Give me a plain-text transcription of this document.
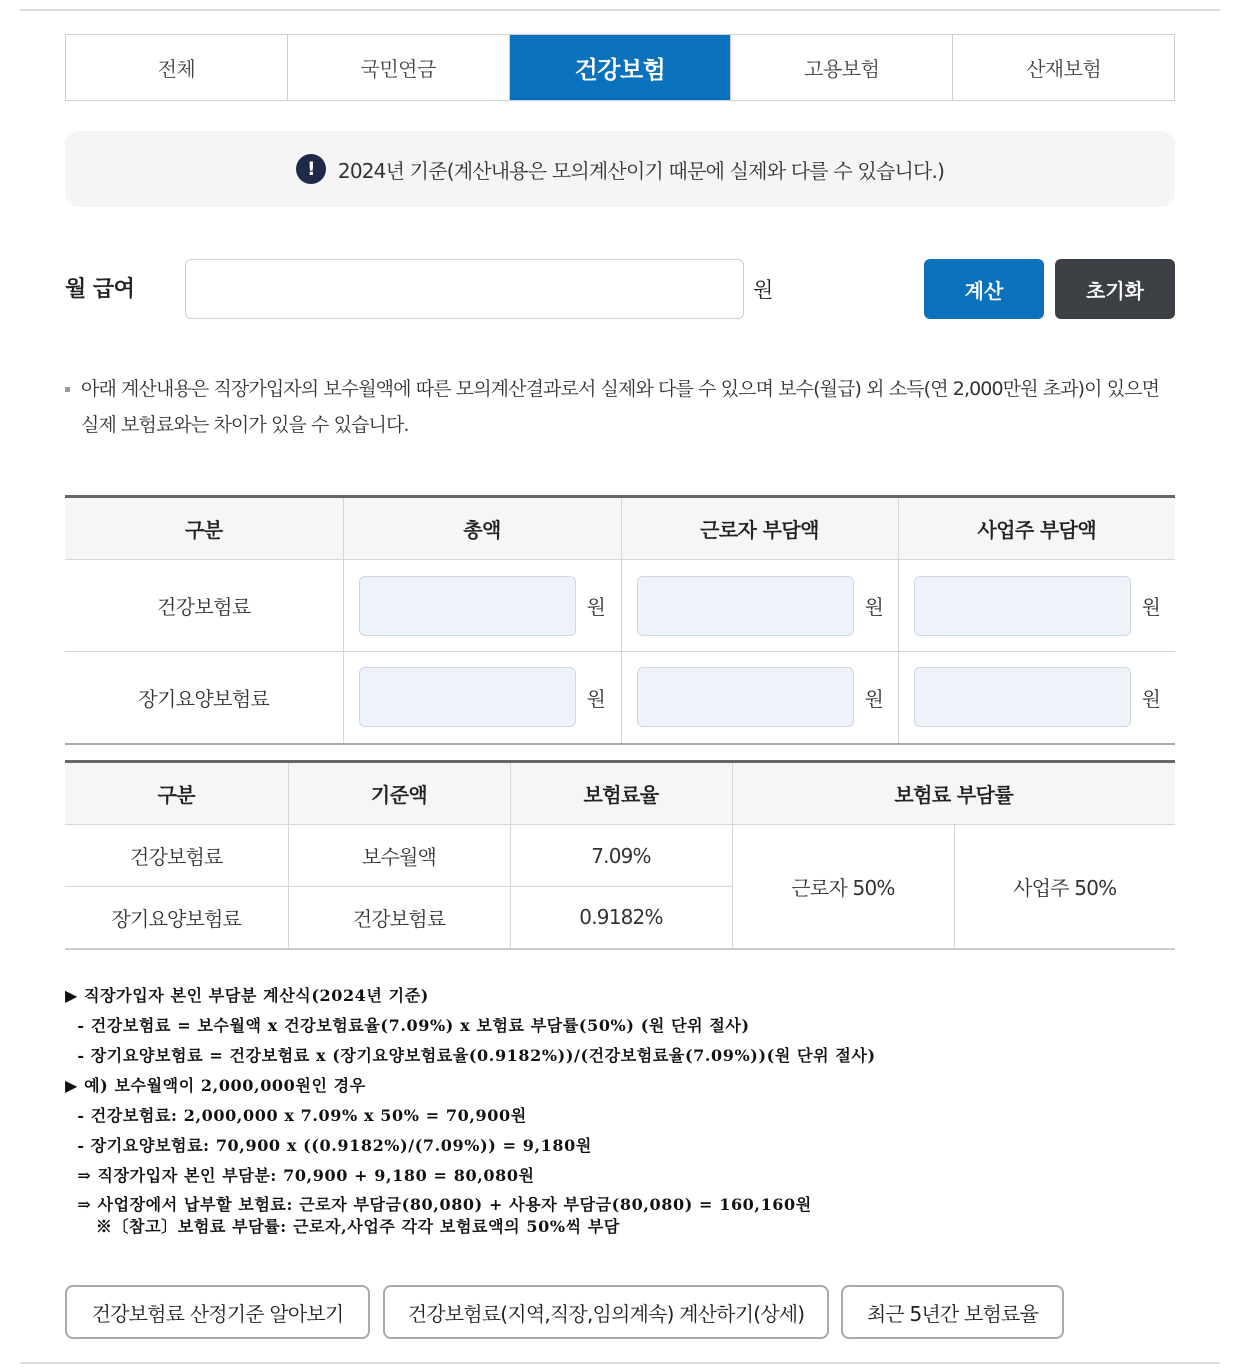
전체	국민연금	건강보험	고용보험	산재보험
!	2024년 기준(계산내용은 모의계산이기 때문에 실제와 다를 수 있습니다.)
월 급여	원	계산	초기화
아래 계산내용은 직장가입자의 보수월액에 따른 모의계산결과로서 실제와 다를 수 있으며 보수(월급) 외 소득(연 2,000만원 초과)이 있으면 실제 보험료와는 차이가 있을 수 있습니다.
구분	총액	근로자 부담액	사업주 부담액
건강보험료	원	원	원

장기요양보험료	원	원	원
구분	기준액	보험료율	보험료 부담률	
건강보험료	보수월액	7.09%	근로자 50%	사업주 50%
장기요양보험료	건강보험료	0.9182%		
▶ 직장가입자 본인 부담분 계산식(2024년 기준)
- 건강보험료 = 보수월액 x 건강보험료율(7.09%) x 보험료 부담률(50%) (원 단위 절사)
- 장기요양보험료 = 건강보험료 x (장기요양보험료율(0.9182%))/(건강보험료율(7.09%))(원 단위 절사)
▶ 예) 보수월액이 2,000,000원인 경우
- 건강보험료: 2,000,000 x 7.09% x 50% = 70,900원
- 장기요양보험료: 70,900 x ((0.9182%)/(7.09%)) = 9,180원
⇒ 직장가입자 본인 부담분: 70,900 + 9,180 = 80,080원
⇒ 사업장에서 납부할 보험료: 근로자 부담금(80,080) + 사용자 부담금(80,080) = 160,160원
※〔참고〕보험료 부담률: 근로자,사업주 각각 보험료액의 50%씩 부담
건강보험료 산정기준 알아보기	건강보험료(지역,직장,임의계속) 계산하기(상세)	최근 5년간 보험료율
